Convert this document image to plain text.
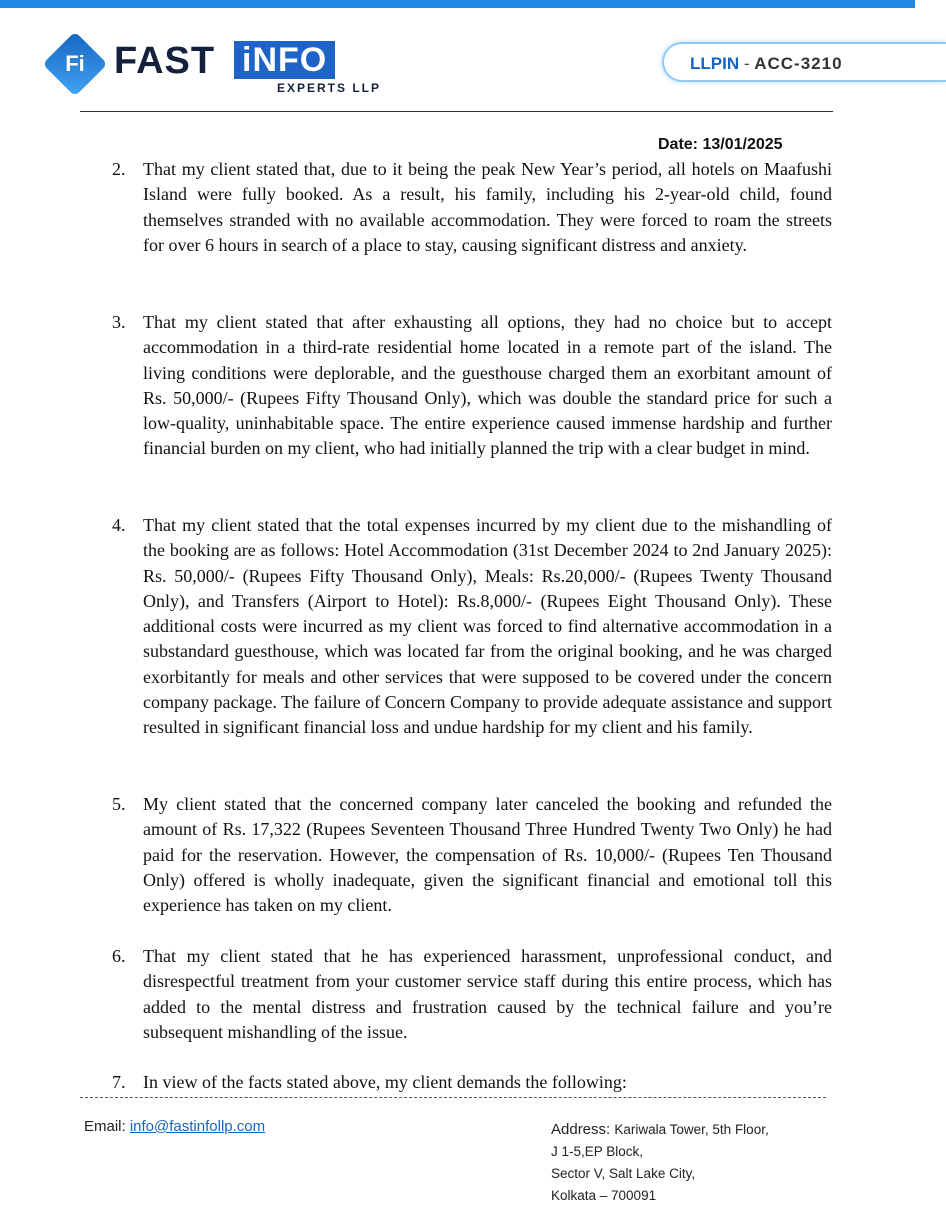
Fi FAST iNFO
EXPERTS LLP
LLPIN - ACC-3210
Date: 13/01/2025
2. That my client stated that, due to it being the peak New Year’s period, all hotels on Maafushi Island were fully booked. As a result, his family, including his 2-year-old child, found themselves stranded with no available accommodation. They were forced to roam the streets for over 6 hours in search of a place to stay, causing significant distress and anxiety.
3. That my client stated that after exhausting all options, they had no choice but to accept accommodation in a third-rate residential home located in a remote part of the island. The living conditions were deplorable, and the guesthouse charged them an exorbitant amount of Rs. 50,000/- (Rupees Fifty Thousand Only), which was double the standard price for such a low-quality, uninhabitable space. The entire experience caused immense hardship and further financial burden on my client, who had initially planned the trip with a clear budget in mind.
4. That my client stated that the total expenses incurred by my client due to the mishandling of the booking are as follows: Hotel Accommodation (31st December 2024 to 2nd January 2025): Rs. 50,000/- (Rupees Fifty Thousand Only), Meals: Rs.20,000/- (Rupees Twenty Thousand Only), and Transfers (Airport to Hotel): Rs.8,000/- (Rupees Eight Thousand Only). These additional costs were incurred as my client was forced to find alternative accommodation in a substandard guesthouse, which was located far from the original booking, and he was charged exorbitantly for meals and other services that were supposed to be covered under the concern company package. The failure of Concern Company to provide adequate assistance and support resulted in significant financial loss and undue hardship for my client and his family.
5. My client stated that the concerned company later canceled the booking and refunded the amount of Rs. 17,322 (Rupees Seventeen Thousand Three Hundred Twenty Two Only) he had paid for the reservation. However, the compensation of Rs. 10,000/- (Rupees Ten Thousand Only) offered is wholly inadequate, given the significant financial and emotional toll this experience has taken on my client.
6. That my client stated that he has experienced harassment, unprofessional conduct, and disrespectful treatment from your customer service staff during this entire process, which has added to the mental distress and frustration caused by the technical failure and you’re subsequent mishandling of the issue.
7. In view of the facts stated above, my client demands the following:
Email: info@fastinfollp.com	Address: Kariwala Tower, 5th Floor,
J 1-5,EP Block,
Sector V, Salt Lake City,
Kolkata – 700091
